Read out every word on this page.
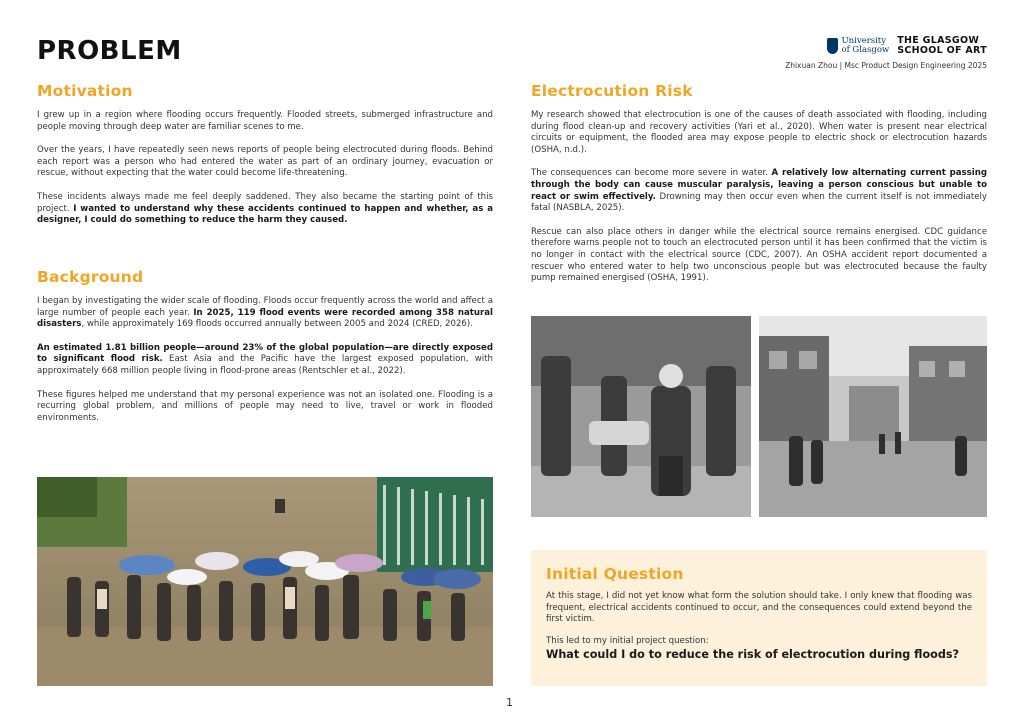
PROBLEM	University
of Glasgow
THE GLASGOW
SCHOOL OF ART
Zhixuan Zhou | Msc Product Design Engineering 2025
Motivation

I grew up in a region where flooding occurs frequently. Flooded streets, submerged infrastructure and people moving through deep water are familiar scenes to me.

Over the years, I have repeatedly seen news reports of people being electrocuted during floods. Behind each report was a person who had entered the water as part of an ordinary journey, evacuation or rescue, without expecting that the water could become life-threatening.

These incidents always made me feel deeply saddened. They also became the starting point of this project. I wanted to understand why these accidents continued to happen and whether, as a designer, I could do something to reduce the harm they caused.

Background

I began by investigating the wider scale of flooding. Floods occur frequently across the world and affect a large number of people each year. In 2025, 119 flood events were recorded among 358 natural disasters, while approximately 169 floods occurred annually between 2005 and 2024 (CRED, 2026).

An estimated 1.81 billion people—around 23% of the global population—are directly exposed to significant flood risk. East Asia and the Pacific have the largest exposed population, with approximately 668 million people living in flood-prone areas (Rentschler et al., 2022).

These figures helped me understand that my personal experience was not an isolated one. Flooding is a recurring global problem, and millions of people may need to live, travel or work in flooded environments.

Electrocution Risk

My research showed that electrocution is one of the causes of death associated with flooding, including during flood clean-up and recovery activities (Yari et al., 2020). When water is present near electrical circuits or equipment, the flooded area may expose people to electric shock or electrocution hazards (OSHA, n.d.).

The consequences can become more severe in water. A relatively low alternating current passing through the body can cause muscular paralysis, leaving a person conscious but unable to react or swim effectively. Drowning may then occur even when the current itself is not immediately fatal (NASBLA, 2025).

Rescue can also place others in danger while the electrical source remains energised. CDC guidance therefore warns people not to touch an electrocuted person until it has been confirmed that the victim is no longer in contact with the electrical source (CDC, 2007). An OSHA accident report documented a rescuer who entered water to help two unconscious people but was electrocuted because the faulty pump remained energised (OSHA, 1991).

Initial Question

At this stage, I did not yet know what form the solution should take. I only knew that flooding was frequent, electrical accidents continued to occur, and the consequences could extend beyond the first victim.

This led to my initial project question:

What could I do to reduce the risk of electrocution during floods?

1
